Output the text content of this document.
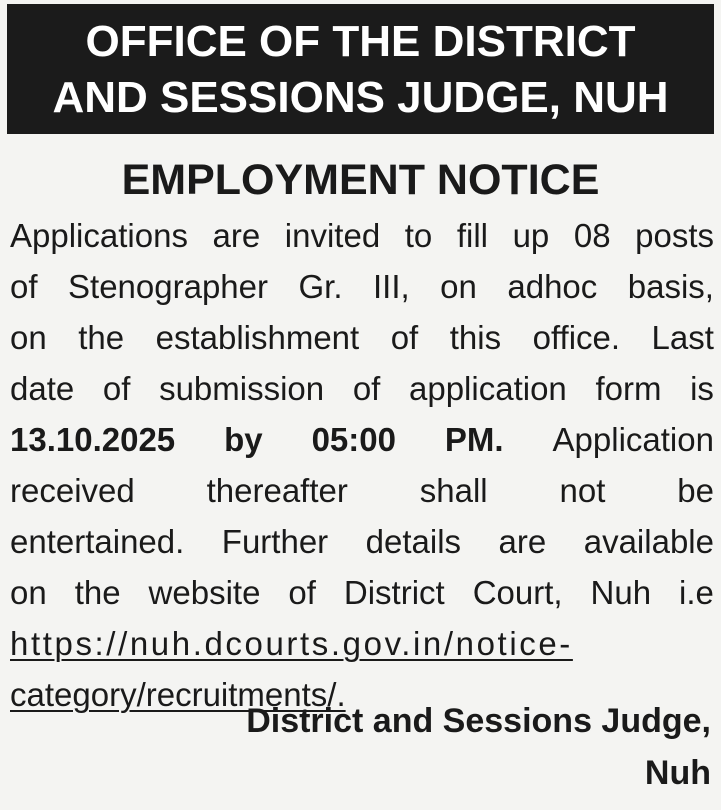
OFFICE OF THE DISTRICT
AND SESSIONS JUDGE, NUH
EMPLOYMENT NOTICE
Applications are invited to fill up 08 posts
of Stenographer Gr. III, on adhoc basis,
on the establishment of this office. Last
date of submission of application form is
13.10.2025 by 05:00 PM. Application
received thereafter shall not be
entertained. Further details are available
on the website of District Court, Nuh i.e
https://nuh.dcourts.gov.in/notice-
category/recruitments/.
District and Sessions Judge,
Nuh
